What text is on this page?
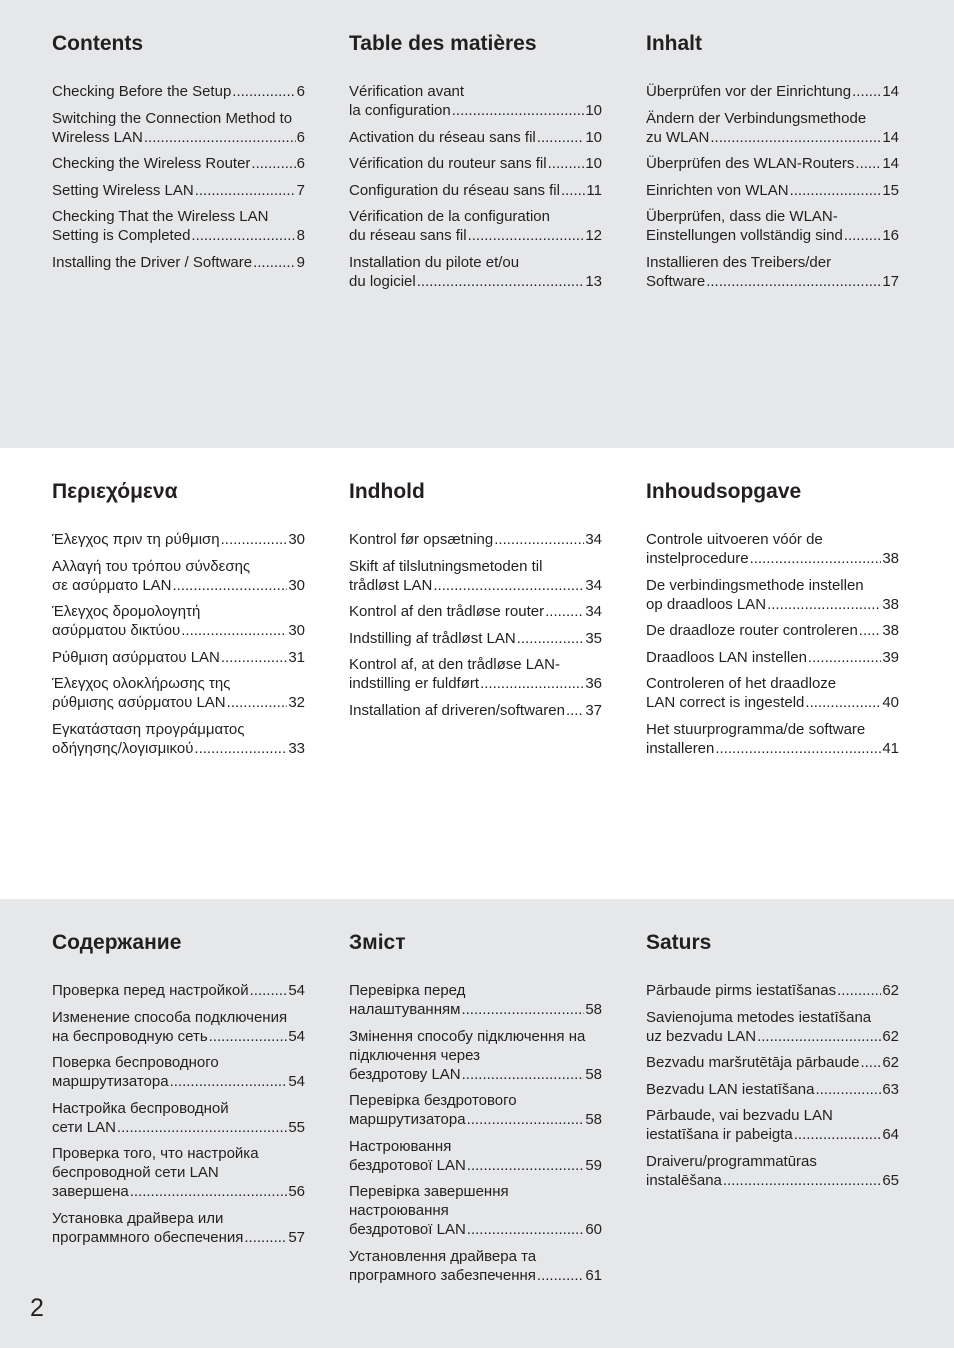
Contents
Checking Before the Setup .....	6
Switching the Connection Method to
Wireless LAN .....	6
Checking the Wireless Router .....	6
Setting Wireless LAN .....	7
Checking That the Wireless LAN
Setting is Completed .....	8
Installing the Driver / Software .....	9
Table des matières
Vérification avant
la configuration .....	10
Activation du réseau sans fil .....	10
Vérification du routeur sans fil .....	10
Configuration du réseau sans fil ..... 11
Vérification de la configuration
du réseau sans fil .....	12
Installation du pilote et/ou
du logiciel .....	13
Inhalt
Überprüfen vor der Einrichtung ..... 14
Ändern der Verbindungsmethode
zu WLAN .....	14
Überprüfen des WLAN-Routers ..... 14
Einrichten von WLAN .....	15
Überprüfen, dass die WLAN-
Einstellungen vollständig sind .....	16
Installieren des Treibers/der
Software .....	17
Περιεχόμενα
Έλεγχος πριν τη ρύθμιση .....	30
Αλλαγή του τρόπου σύνδεσης
σε ασύρματο LAN .....	30
Έλεγχος δρομολογητή
ασύρματου δικτύου .....	30
Ρύθμιση ασύρματου LAN .....	31
Έλεγχος ολοκλήρωσης της
ρύθμισης ασύρματου LAN .....	32
Εγκατάσταση προγράμματος
οδήγησης/λογισμικού .....	33
Indhold
Kontrol før opsætning .....	34
Skift af tilslutningsmetoden til
trådløst LAN .....	34
Kontrol af den trådløse router .....	34
Indstilling af trådløst LAN .....	35
Kontrol af, at den trådløse LAN-
indstilling er fuldført .....	36
Installation af driveren/softwaren ..... 37
Inhoudsopgave
Controle uitvoeren vóór de
instelprocedure .....	38
De verbindingsmethode instellen
op draadloos LAN .....	38
De draadloze router controleren ..... 38
Draadloos LAN instellen .....	39
Controleren of het draadloze
LAN correct is ingesteld .....	40
Het stuurprogramma/de software
installeren .....	41
Содержание
Проверка перед настройкой .....	54
Изменение способа подключения
на беспроводную сеть .....	54
Поверка беспроводного
маршрутизатора .....	54
Настройка беспроводной
сети LAN .....	55
Проверка того, что настройка
беспроводной сети LAN
завершена .....	56
Установка драйвера или
программного обеспечения .....	57
Зміст
Перевірка перед
налаштуванням .....	58
Змінення способу підключення на
підключення через
бездротову LAN .....	58
Перевірка бездротового
маршрутизатора .....	58
Настроювання
бездротової LAN .....	59
Перевірка завершення
настроювання
бездротової LAN .....	60
Установлення драйвера та
програмного забезпечення .....	61
Saturs
Pārbaude pirms iestatīšanas .....	62
Savienojuma metodes iestatīšana
uz bezvadu LAN .....	62
Bezvadu maršrutētāja pārbaude ..... 62
Bezvadu LAN iestatīšana .....	63
Pārbaude, vai bezvadu LAN
iestatīšana ir pabeigta .....	64
Draiveru/programmatūras
instalēšana .....	65
2
